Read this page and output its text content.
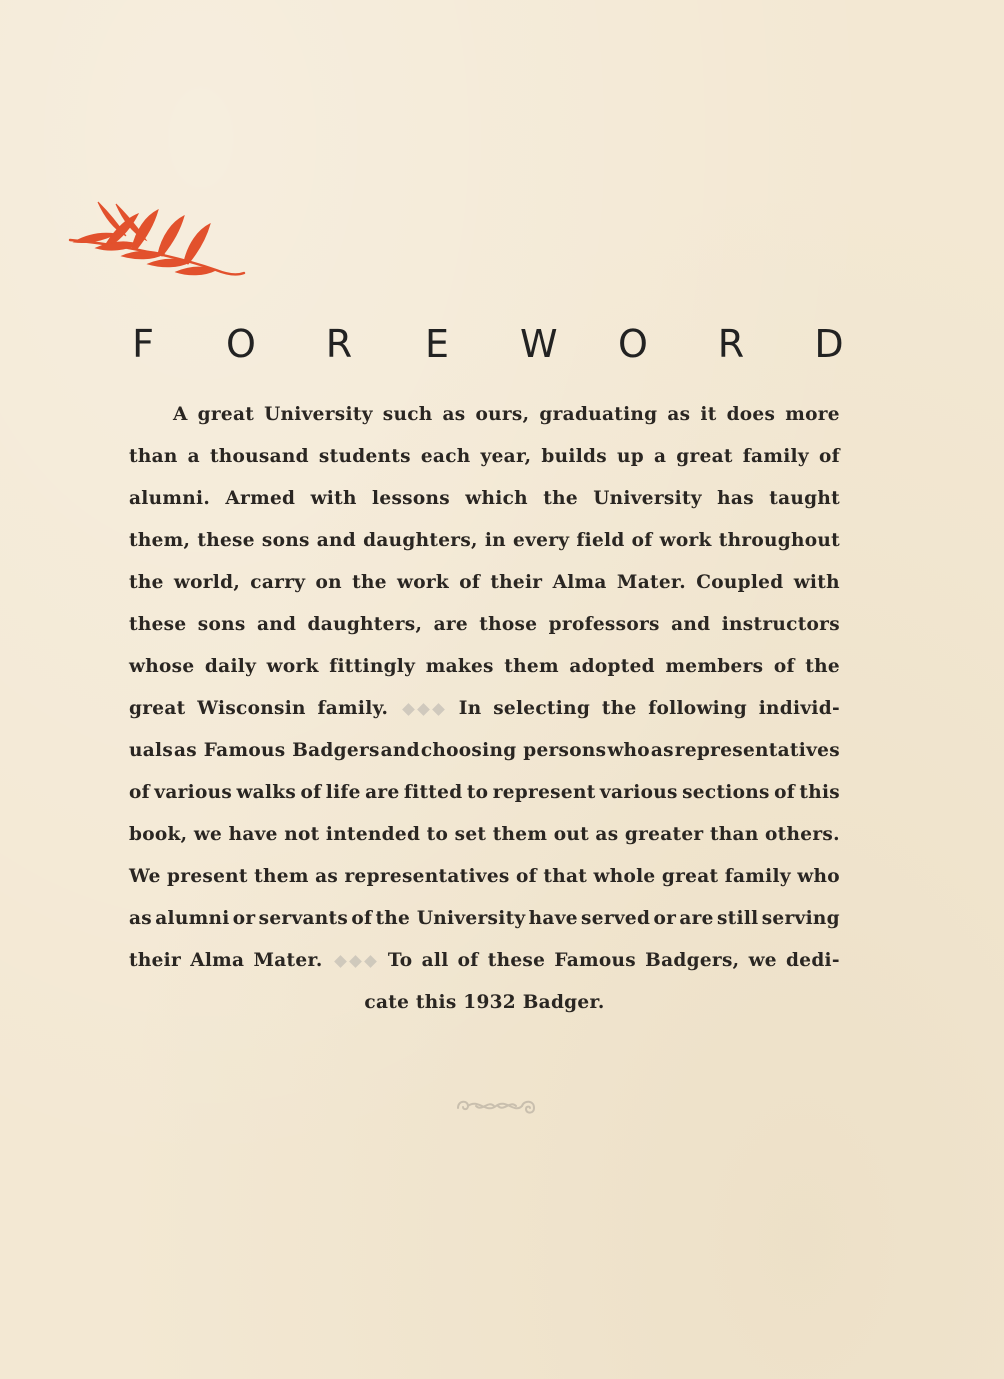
F O R E W O R D
A great University such as ours, graduating as it does more
than a thousand students each year, builds up a great family of
alumni. Armed with lessons which the University has taught
them, these sons and daughters, in every field of work throughout
the world, carry on the work of their Alma Mater. Coupled with
these sons and daughters, are those professors and instructors
whose daily work fittingly makes them adopted members of the
great Wisconsin family.	In selecting the following individ-
uals as Famous Badgers and choosing persons who as representatives
of various walks of life are fitted to represent various sections of this
book, we have not intended to set them out as greater than others.
We present them as representatives of that whole great family who
as alumni or servants of the University have served or are still serving
their Alma Mater.	To all of these Famous Badgers, we dedi-
cate this 1932 Badger.
